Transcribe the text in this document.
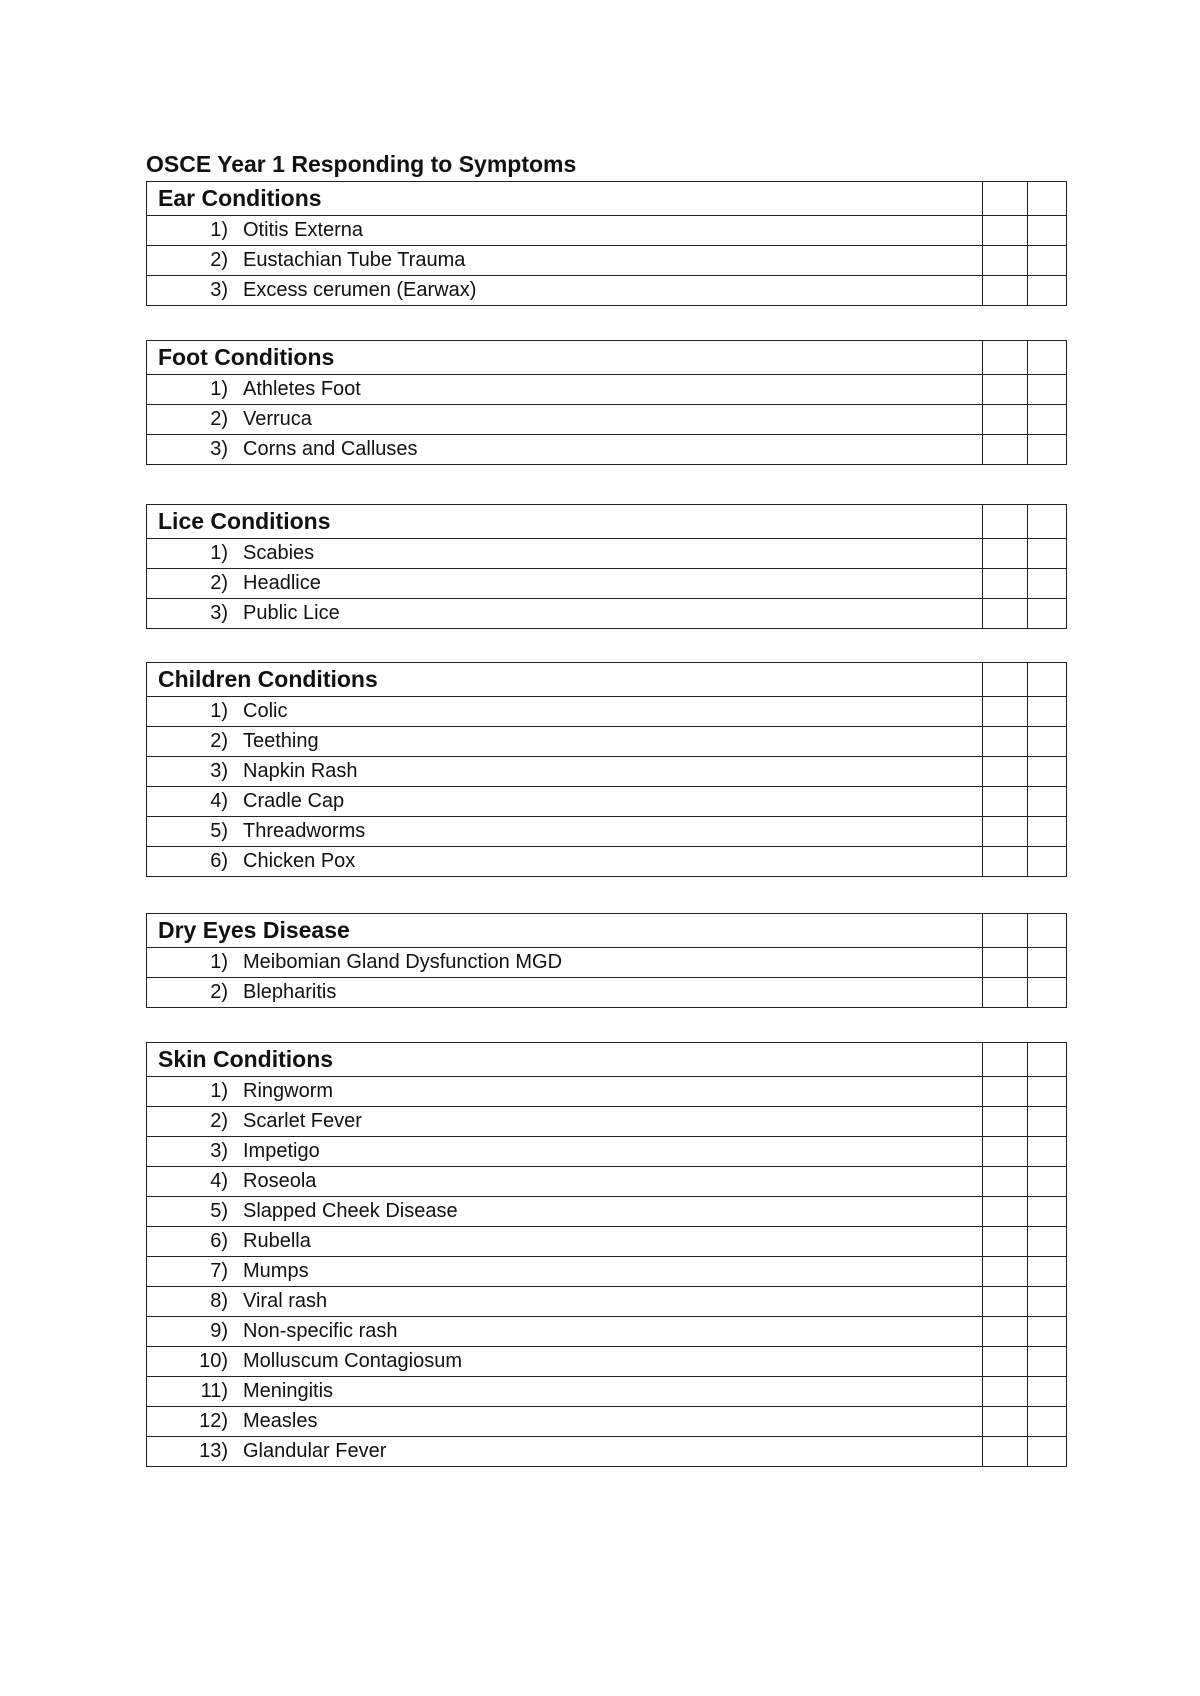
OSCE Year 1 Responding to Symptoms
Ear Conditions		

1) Otitis Externa		

2) Eustachian Tube Trauma		

3) Excess cerumen (Earwax)		

Foot Conditions		

1) Athletes Foot		

2) Verruca		

3) Corns and Calluses		

Lice Conditions		

1) Scabies		

2) Headlice		

3) Public Lice		

Children Conditions		

1) Colic		

2) Teething		

3) Napkin Rash		

4) Cradle Cap		

5) Threadworms		

6) Chicken Pox		

Dry Eyes Disease		

1) Meibomian Gland Dysfunction MGD		

2) Blepharitis		

Skin Conditions		

1) Ringworm		

2) Scarlet Fever		

3) Impetigo		

4) Roseola		

5) Slapped Cheek Disease		

6) Rubella		

7) Mumps		

8) Viral rash		

9) Non-specific rash		

10) Molluscum Contagiosum		

11) Meningitis		

12) Measles		

13) Glandular Fever		
